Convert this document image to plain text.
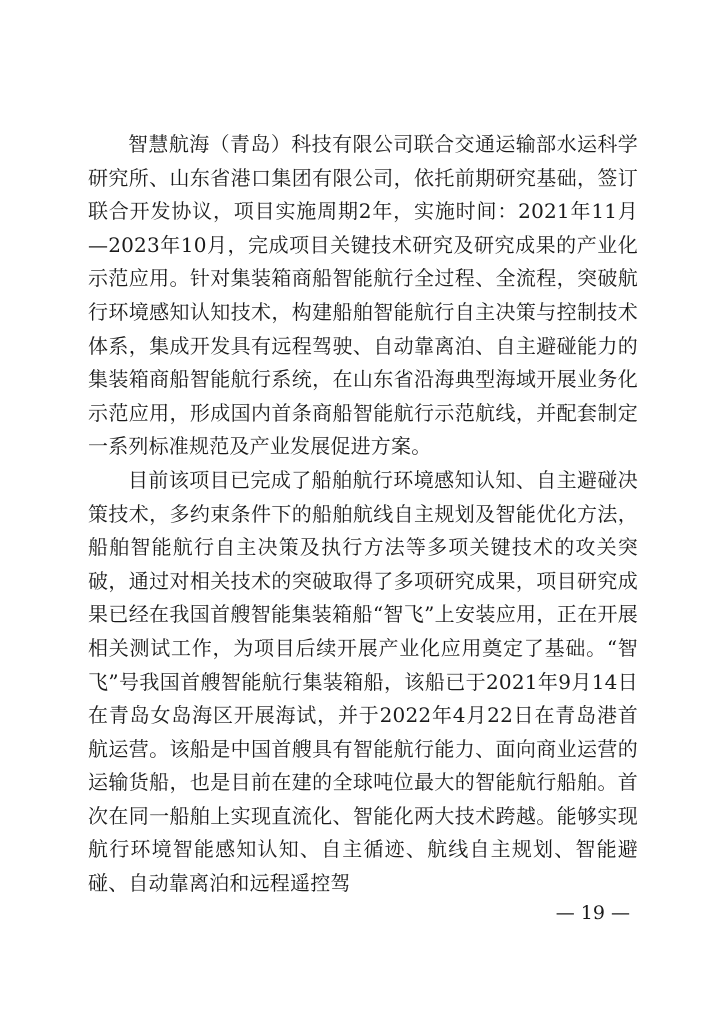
智慧航海（青岛）科技有限公司联合交通运输部水运科学研究所、山东省港口集团有限公司，依托前期研究基础，签订联合开发协议，项目实施周期2年，实施时间：2021年11月—2023年10月，完成项目关键技术研究及研究成果的产业化示范应用。针对集装箱商船智能航行全过程、全流程，突破航行环境感知认知技术，构建船舶智能航行自主决策与控制技术体系，集成开发具有远程驾驶、自动靠离泊、自主避碰能力的集装箱商船智能航行系统，在山东省沿海典型海域开展业务化示范应用，形成国内首条商船智能航行示范航线，并配套制定一系列标准规范及产业发展促进方案。

目前该项目已完成了船舶航行环境感知认知、自主避碰决策技术，多约束条件下的船舶航线自主规划及智能优化方法，船舶智能航行自主决策及执行方法等多项关键技术的攻关突破，通过对相关技术的突破取得了多项研究成果，项目研究成果已经在我国首艘智能集装箱船“智飞”上安装应用，正在开展相关测试工作，为项目后续开展产业化应用奠定了基础。“智飞”号我国首艘智能航行集装箱船，该船已于2021年9月14日在青岛女岛海区开展海试，并于2022年4月22日在青岛港首航运营。该船是中国首艘具有智能航行能力、面向商业运营的运输货船，也是目前在建的全球吨位最大的智能航行船舶。首次在同一船舶上实现直流化、智能化两大技术跨越。能够实现航行环境智能感知认知、自主循迹、航线自主规划、智能避碰、自动靠离泊和远程遥控驾

— 19 —
